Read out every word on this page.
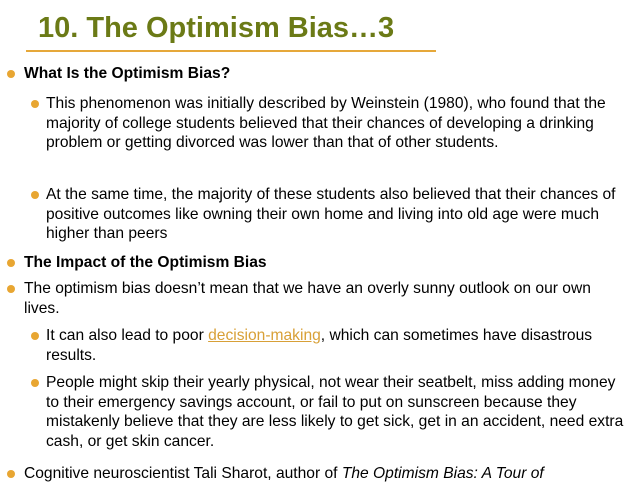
10. The Optimism Bias…3
What Is the Optimism Bias?
This phenomenon was initially described by Weinstein (1980), who found that the majority of college students believed that their chances of developing a drinking problem or getting divorced was lower than that of other students.
At the same time, the majority of these students also believed that their chances of positive outcomes like owning their own home and living into old age were much higher than peers
The Impact of the Optimism Bias
The optimism bias doesn’t mean that we have an overly sunny outlook on our own lives.
It can also lead to poor decision-making, which can sometimes have disastrous results.
People might skip their yearly physical, not wear their seatbelt, miss adding money to their emergency savings account, or fail to put on sunscreen because they mistakenly believe that they are less likely to get sick, get in an accident, need extra cash, or get skin cancer.
Cognitive neuroscientist Tali Sharot, author of The Optimism Bias: A Tour of
